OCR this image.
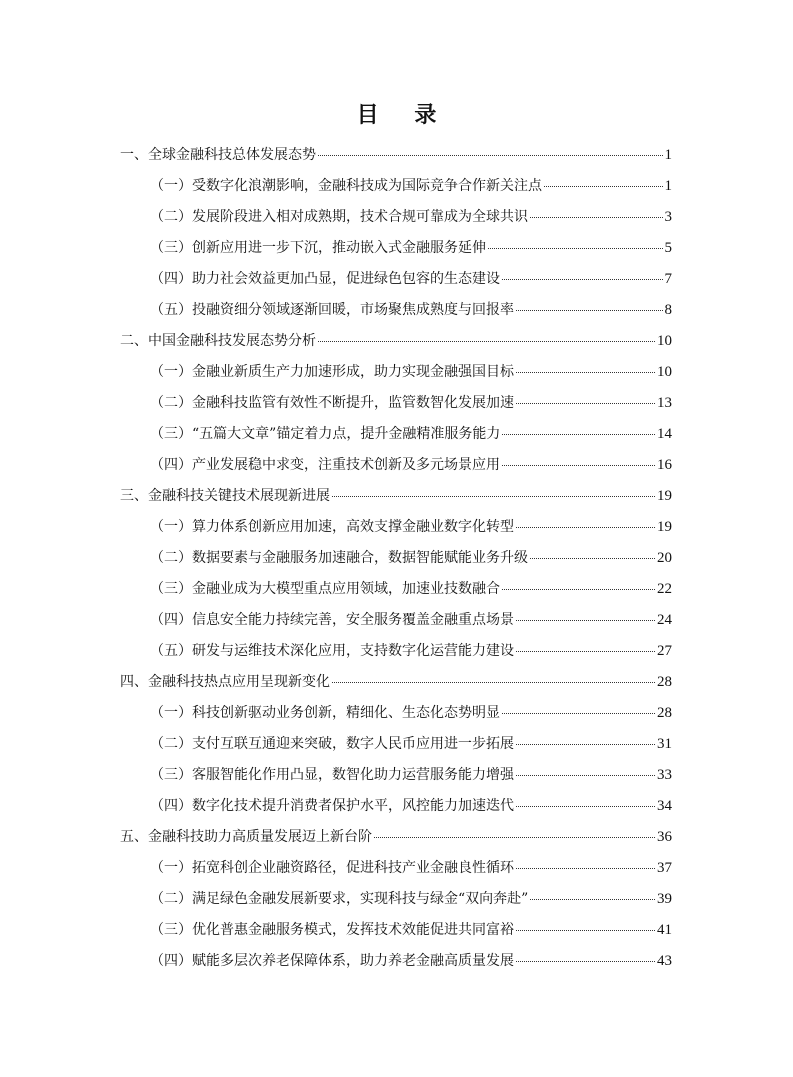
目 录
一、全球金融科技总体发展态势	1
（一）受数字化浪潮影响，金融科技成为国际竞争合作新关注点	1
（二）发展阶段进入相对成熟期，技术合规可靠成为全球共识	3
（三）创新应用进一步下沉，推动嵌入式金融服务延伸	5
（四）助力社会效益更加凸显，促进绿色包容的生态建设	7
（五）投融资细分领域逐渐回暖，市场聚焦成熟度与回报率	8
二、中国金融科技发展态势分析	10
（一）金融业新质生产力加速形成，助力实现金融强国目标	10
（二）金融科技监管有效性不断提升，监管数智化发展加速	13
（三）“五篇大文章”锚定着力点，提升金融精准服务能力	14
（四）产业发展稳中求变，注重技术创新及多元场景应用	16
三、金融科技关键技术展现新进展	19
（一）算力体系创新应用加速，高效支撑金融业数字化转型	19
（二）数据要素与金融服务加速融合，数据智能赋能业务升级	20
（三）金融业成为大模型重点应用领域，加速业技数融合	22
（四）信息安全能力持续完善，安全服务覆盖金融重点场景	24
（五）研发与运维技术深化应用，支持数字化运营能力建设	27
四、金融科技热点应用呈现新变化	28
（一）科技创新驱动业务创新，精细化、生态化态势明显	28
（二）支付互联互通迎来突破，数字人民币应用进一步拓展	31
（三）客服智能化作用凸显，数智化助力运营服务能力增强	33
（四）数字化技术提升消费者保护水平，风控能力加速迭代	34
五、金融科技助力高质量发展迈上新台阶	36
（一）拓宽科创企业融资路径，促进科技产业金融良性循环	37
（二）满足绿色金融发展新要求，实现科技与绿金“双向奔赴”	39
（三）优化普惠金融服务模式，发挥技术效能促进共同富裕	41
（四）赋能多层次养老保障体系，助力养老金融高质量发展	43
